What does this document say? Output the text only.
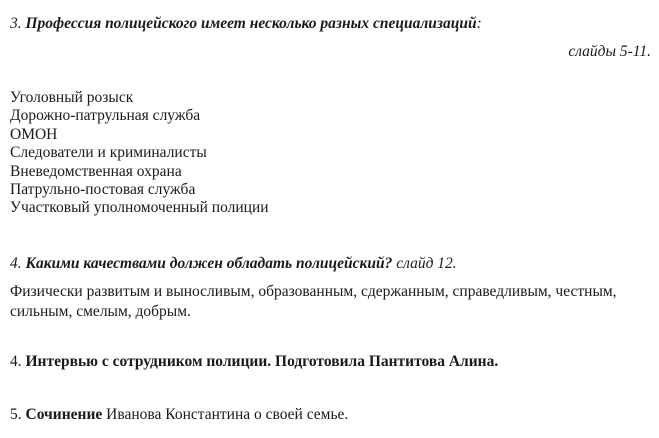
3. Профессия полицейского имеет несколько разных специализаций:
слайды 5-11.
Уголовный розыск
Дорожно-патрульная служба
ОМОН
Следователи и криминалисты
Вневедомственная охрана
Патрульно-постовая служба
Участковый уполномоченный полиции
4. Какими качествами должен обладать полицейский? слайд 12.
Физически развитым и выносливым, образованным, сдержанным, справедливым, честным, сильным, смелым, добрым.
4. Интервью с сотрудником полиции. Подготовила Пантитова Алина.
5. Сочинение Иванова Константина о своей семье.
